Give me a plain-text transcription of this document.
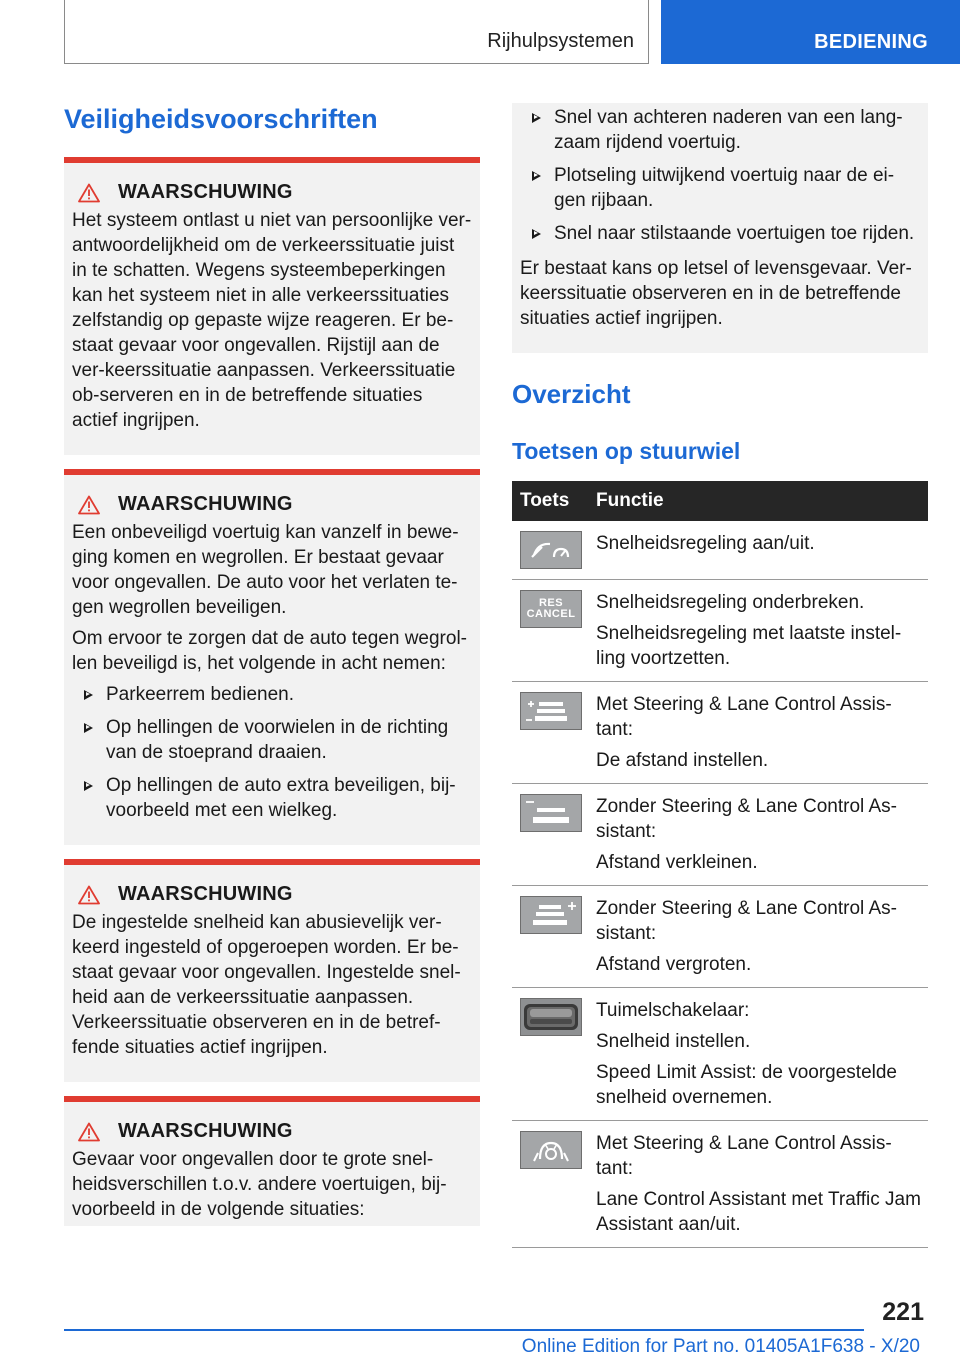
Rijhulpsystemen	BEDIENING
Veiligheidsvoorschriften
WAARSCHUWING

Het systeem ontlast u niet van persoonlijke ver-antwoordelijkheid om de verkeerssituatie juist in te schatten. Wegens systeembeperkingen kan het systeem niet in alle verkeerssituaties zelfstandig op gepaste wijze reageren. Er be-staat gevaar voor ongevallen. Rijstijl aan de ver-keerssituatie aanpassen. Verkeerssituatie ob-serveren en in de betreffende situaties actief ingrijpen.

WAARSCHUWING

Een onbeveiligd voertuig kan vanzelf in bewe-ging komen en wegrollen. Er bestaat gevaar voor ongevallen. De auto voor het verlaten te-gen wegrollen beveiligen.

Om ervoor te zorgen dat de auto tegen wegrol-len beveiligd is, het volgende in acht nemen:

Parkeerrem bedienen.
Op hellingen de voorwielen in de richting van de stoeprand draaien.
Op hellingen de auto extra beveiligen, bij-voorbeeld met een wielkeg.
WAARSCHUWING

De ingestelde snelheid kan abusievelijk ver-keerd ingesteld of opgeroepen worden. Er be-staat gevaar voor ongevallen. Ingestelde snel-heid aan de verkeerssituatie aanpassen. Verkeerssituatie observeren en in de betref-fende situaties actief ingrijpen.

WAARSCHUWING

Gevaar voor ongevallen door te grote snel-heidsverschillen t.o.v. andere voertuigen, bij-voorbeeld in de volgende situaties:

Snel van achteren naderen van een lang-zaam rijdend voertuig.
Plotseling uitwijkend voertuig naar de ei-gen rijbaan.
Snel naar stilstaande voertuigen toe rijden.

Er bestaat kans op letsel of levensgevaar. Ver-keerssituatie observeren en in de betreffende situaties actief ingrijpen.

Overzicht
Toetsen op stuurwiel
Toets	Functie

Snelheidsregeling aan/uit.

RES
CANCEL

Snelheidsregeling onderbreken.

Snelheidsregeling met laatste instel-ling voortzetten.

Met Steering & Lane Control Assis-tant:

De afstand instellen.

Zonder Steering & Lane Control As-sistant:

Afstand verkleinen.

Zonder Steering & Lane Control As-sistant:

Afstand vergroten.

Tuimelschakelaar:

Snelheid instellen.

Speed Limit Assist: de voorgestelde snelheid overnemen.

Met Steering & Lane Control Assis-tant:

Lane Control Assistant met Traffic Jam Assistant aan/uit.

221
Online Edition for Part no. 01405A1F638 - X/20
